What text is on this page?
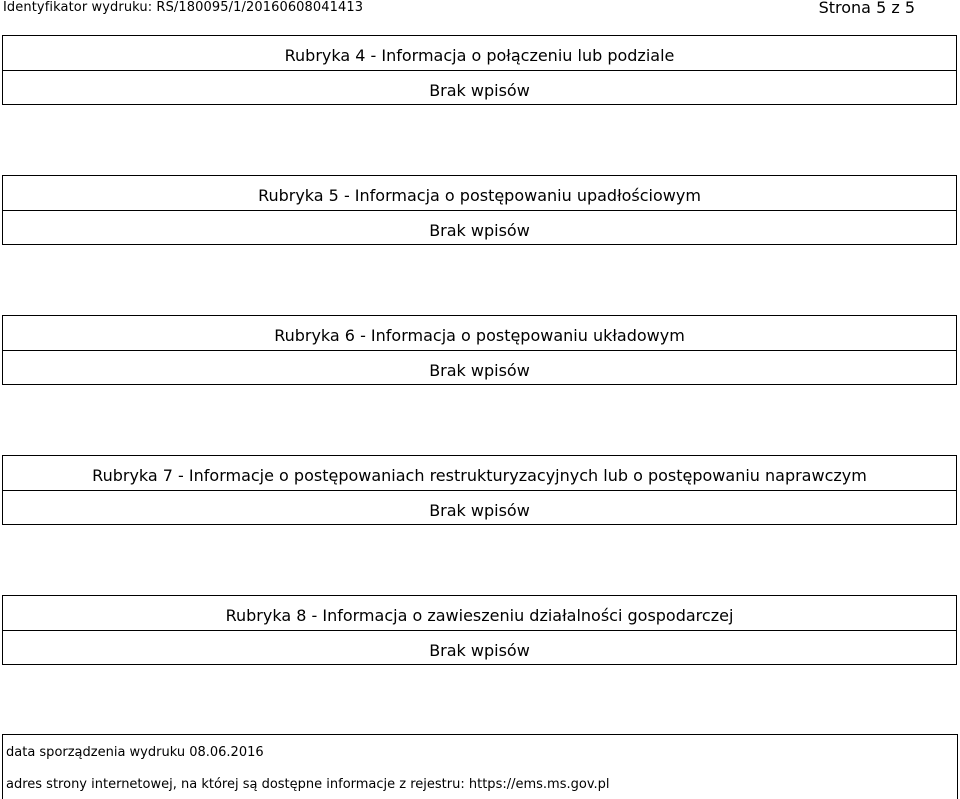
Identyfikator wydruku: RS/180095/1/20160608041413	Strona 5 z 5
Rubryka 4 - Informacja o połączeniu lub podziale
Brak wpisów
Rubryka 5 - Informacja o postępowaniu upadłościowym
Brak wpisów
Rubryka 6 - Informacja o postępowaniu układowym
Brak wpisów
Rubryka 7 - Informacje o postępowaniach restrukturyzacyjnych lub o postępowaniu naprawczym
Brak wpisów
Rubryka 8 - Informacja o zawieszeniu działalności gospodarczej
Brak wpisów
data sporządzenia wydruku 08.06.2016
adres strony internetowej, na której są dostępne informacje z rejestru: https://ems.ms.gov.pl
